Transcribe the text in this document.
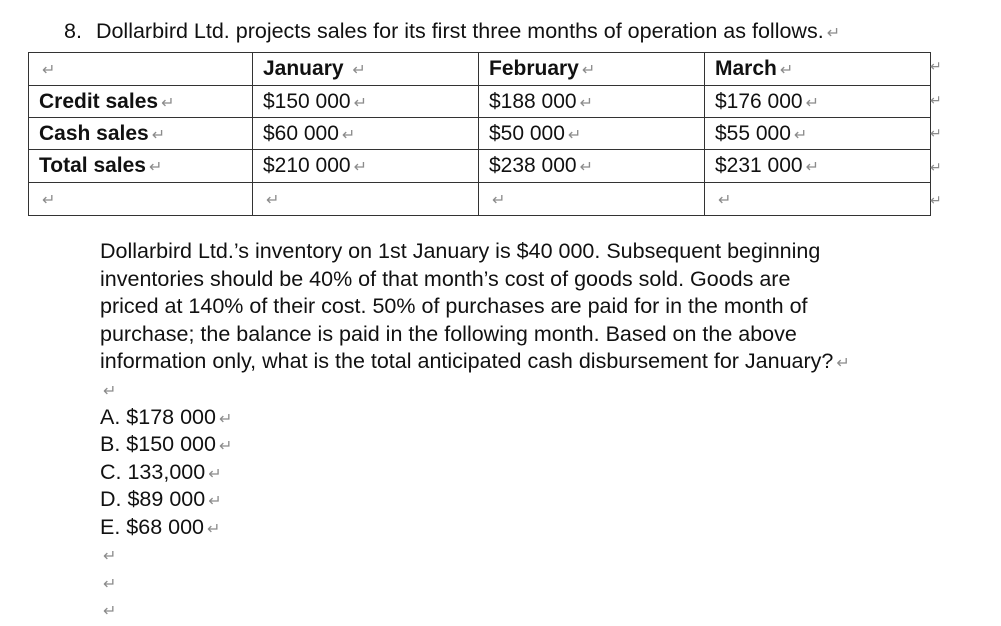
8. Dollarbird Ltd. projects sales for its first three months of operation as follows. ↵
↵	January ↵	February ↵	March ↵
Credit sales ↵	$150 000 ↵	$188 000 ↵	$176 000 ↵
Cash sales ↵	$60 000 ↵	$50 000 ↵	$55 000 ↵
Total sales ↵	$210 000 ↵	$238 000 ↵	$231 000 ↵
↵	↵	↵	↵
↵
↵
↵
↵
↵
Dollarbird Ltd.’s inventory on 1st January is $40 000. Subsequent beginning
inventories should be 40% of that month’s cost of goods sold. Goods are
priced at 140% of their cost. 50% of purchases are paid for in the month of
purchase; the balance is paid in the following month. Based on the above
information only, what is the total anticipated cash disbursement for January? ↵
↵
A. $178 000 ↵
B. $150 000 ↵
C. 133,000 ↵
D. $89 000 ↵
E. $68 000 ↵
↵
↵
↵
